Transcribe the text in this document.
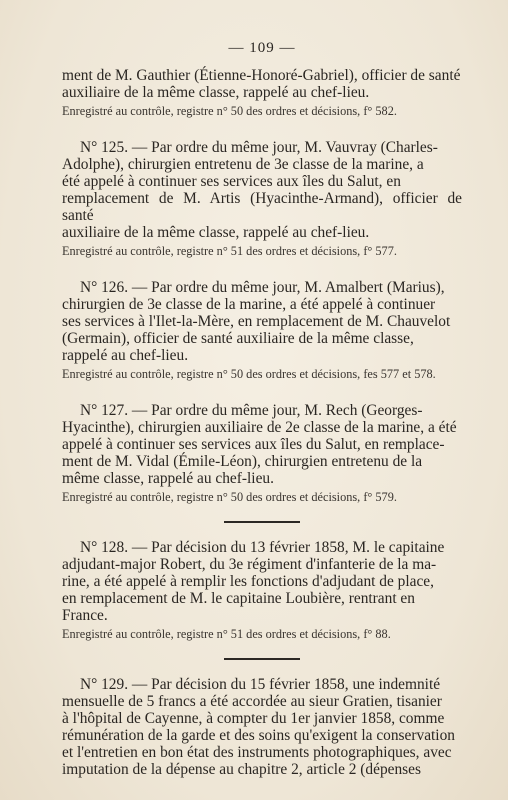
— 109 —
ment de M. Gauthier (Étienne-Honoré-Gabriel), officier de santé
auxiliaire de la même classe, rappelé au chef-lieu.
Enregistré au contrôle, registre n° 50 des ordres et décisions, f° 582.
N° 125. — Par ordre du même jour, M. Vauvray (Charles-
Adolphe), chirurgien entretenu de 3e classe de la marine, a
été appelé à continuer ses services aux îles du Salut, en
remplacement de M. Artis (Hyacinthe-Armand), officier de santé
auxiliaire de la même classe, rappelé au chef-lieu.
Enregistré au contrôle, registre n° 51 des ordres et décisions, f° 577.
N° 126. — Par ordre du même jour, M. Amalbert (Marius),
chirurgien de 3e classe de la marine, a été appelé à continuer
ses services à l'Ilet-la-Mère, en remplacement de M. Chauvelot
(Germain), officier de santé auxiliaire de la même classe,
rappelé au chef-lieu.
Enregistré au contrôle, registre n° 50 des ordres et décisions, fes 577 et 578.
N° 127. — Par ordre du même jour, M. Rech (Georges-
Hyacinthe), chirurgien auxiliaire de 2e classe de la marine, a été
appelé à continuer ses services aux îles du Salut, en remplace-
ment de M. Vidal (Émile-Léon), chirurgien entretenu de la
même classe, rappelé au chef-lieu.
Enregistré au contrôle, registre n° 50 des ordres et décisions, f° 579.
N° 128. — Par décision du 13 février 1858, M. le capitaine
adjudant-major Robert, du 3e régiment d'infanterie de la ma-
rine, a été appelé à remplir les fonctions d'adjudant de place,
en remplacement de M. le capitaine Loubière, rentrant en
France.
Enregistré au contrôle, registre n° 51 des ordres et décisions, f° 88.
N° 129. — Par décision du 15 février 1858, une indemnité
mensuelle de 5 francs a été accordée au sieur Gratien, tisanier
à l'hôpital de Cayenne, à compter du 1er janvier 1858, comme
rémunération de la garde et des soins qu'exigent la conservation
et l'entretien en bon état des instruments photographiques, avec
imputation de la dépense au chapitre 2, article 2 (dépenses
